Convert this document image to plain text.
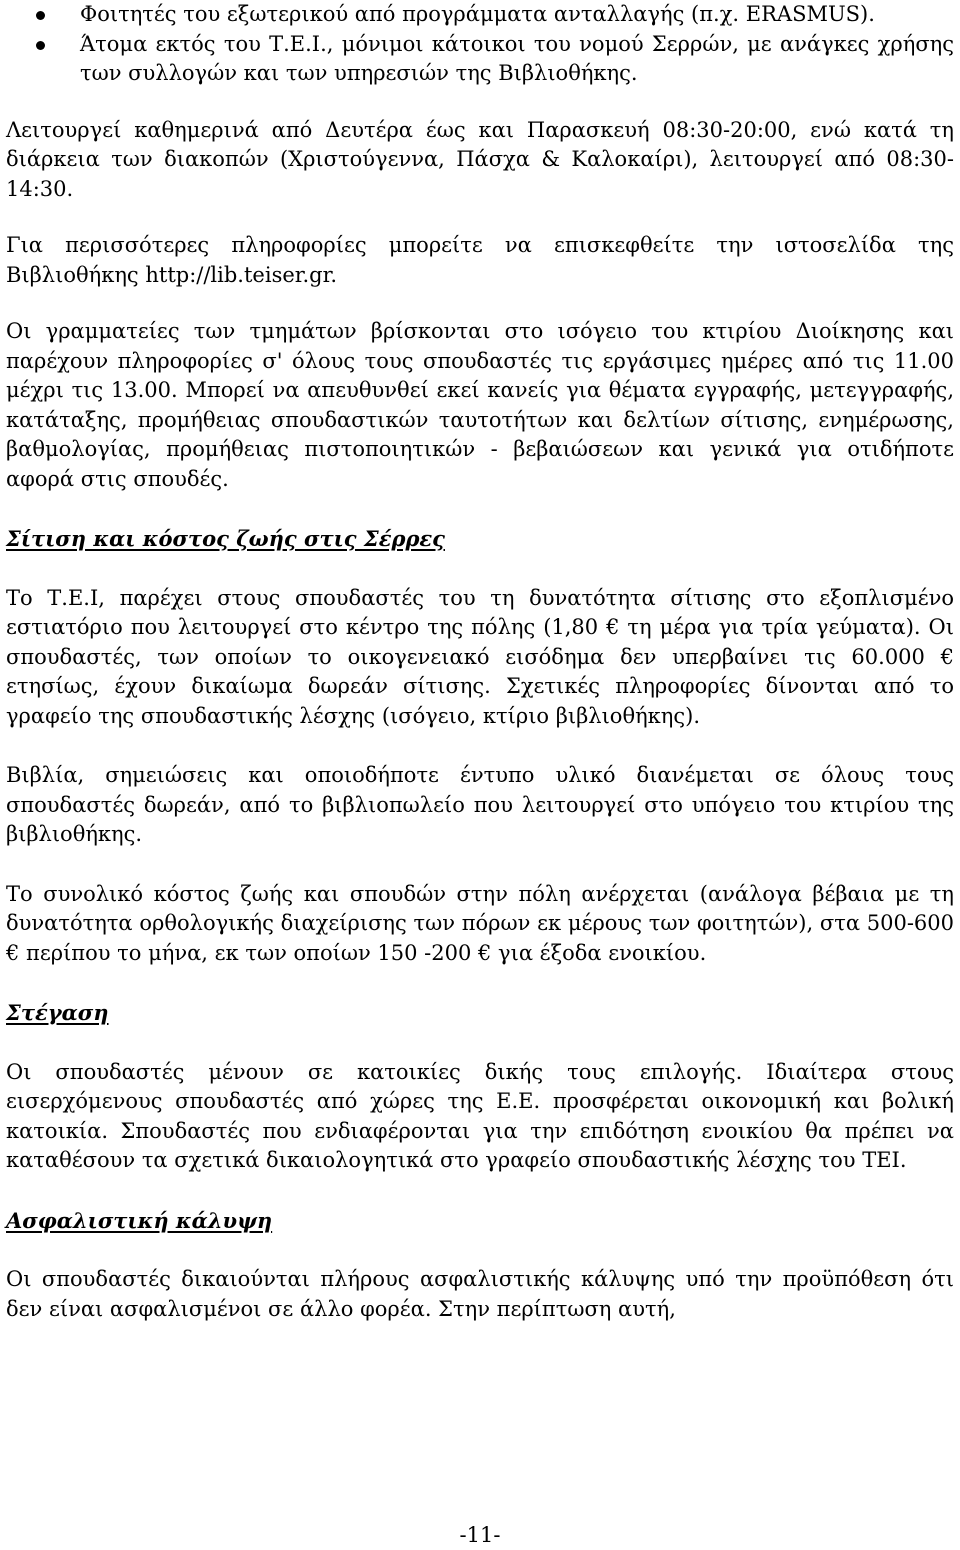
Φοιτητές του εξωτερικού από προγράμματα ανταλλαγής (π.χ. ERASMUS).
Άτομα εκτός του Τ.Ε.Ι., μόνιμοι κάτοικοι του νομού Σερρών, με ανάγκες χρήσης των συλλογών και των υπηρεσιών της Βιβλιοθήκης.

Λειτουργεί καθημερινά από Δευτέρα έως και Παρασκευή 08:30-20:00, ενώ κατά τη διάρκεια των διακοπών (Χριστούγεννα, Πάσχα & Καλοκαίρι), λειτουργεί από 08:30-14:30.

Για περισσότερες πληροφορίες μπορείτε να επισκεφθείτε την ιστοσελίδα της Βιβλιοθήκης http://lib.teiser.gr.

Οι γραμματείες των τμημάτων βρίσκονται στο ισόγειο του κτιρίου Διοίκησης και παρέχουν πληροφορίες σ' όλους τους σπουδαστές τις εργάσιμες ημέρες από τις 11.00 μέχρι τις 13.00. Μπορεί να απευθυνθεί εκεί κανείς για θέματα εγγραφής, μετεγγραφής, κατάταξης, προμήθειας σπουδαστικών ταυτοτήτων και δελτίων σίτισης, ενημέρωσης, βαθμολογίας, προμήθειας πιστοποιητικών - βεβαιώσεων και γενικά για οτιδήποτε αφορά στις σπουδές.

Σίτιση και κόστος ζωής στις Σέρρες

Το Τ.Ε.Ι, παρέχει στους σπουδαστές του τη δυνατότητα σίτισης στο εξοπλισμένο εστιατόριο που λειτουργεί στο κέντρο της πόλης (1,80 € τη μέρα για τρία γεύματα). Οι σπουδαστές, των οποίων το οικογενειακό εισόδημα δεν υπερβαίνει τις 60.000 € ετησίως, έχουν δικαίωμα δωρεάν σίτισης. Σχετικές πληροφορίες δίνονται από το γραφείο της σπουδαστικής λέσχης (ισόγειο, κτίριο βιβλιοθήκης).

Βιβλία, σημειώσεις και οποιοδήποτε έντυπο υλικό διανέμεται σε όλους τους σπουδαστές δωρεάν, από το βιβλιοπωλείο που λειτουργεί στο υπόγειο του κτιρίου της βιβλιοθήκης.

Το συνολικό κόστος ζωής και σπουδών στην πόλη ανέρχεται (ανάλογα βέβαια με τη δυνατότητα ορθολογικής διαχείρισης των πόρων εκ μέρους των φοιτητών), στα 500-600 € περίπου το μήνα, εκ των οποίων 150 -200 € για έξοδα ενοικίου.

Στέγαση

Οι σπουδαστές μένουν σε κατοικίες δικής τους επιλογής. Ιδιαίτερα στους εισερχόμενους σπουδαστές από χώρες της Ε.Ε. προσφέρεται οικονομική και βολική κατοικία. Σπουδαστές που ενδιαφέρονται για την επιδότηση ενοικίου θα πρέπει να καταθέσουν τα σχετικά δικαιολογητικά στο γραφείο σπουδαστικής λέσχης του ΤΕΙ.

Ασφαλιστική κάλυψη

Οι σπουδαστές δικαιούνται πλήρους ασφαλιστικής κάλυψης υπό την προϋπόθεση ότι δεν είναι ασφαλισμένοι σε άλλο φορέα. Στην περίπτωση αυτή,

-11-
